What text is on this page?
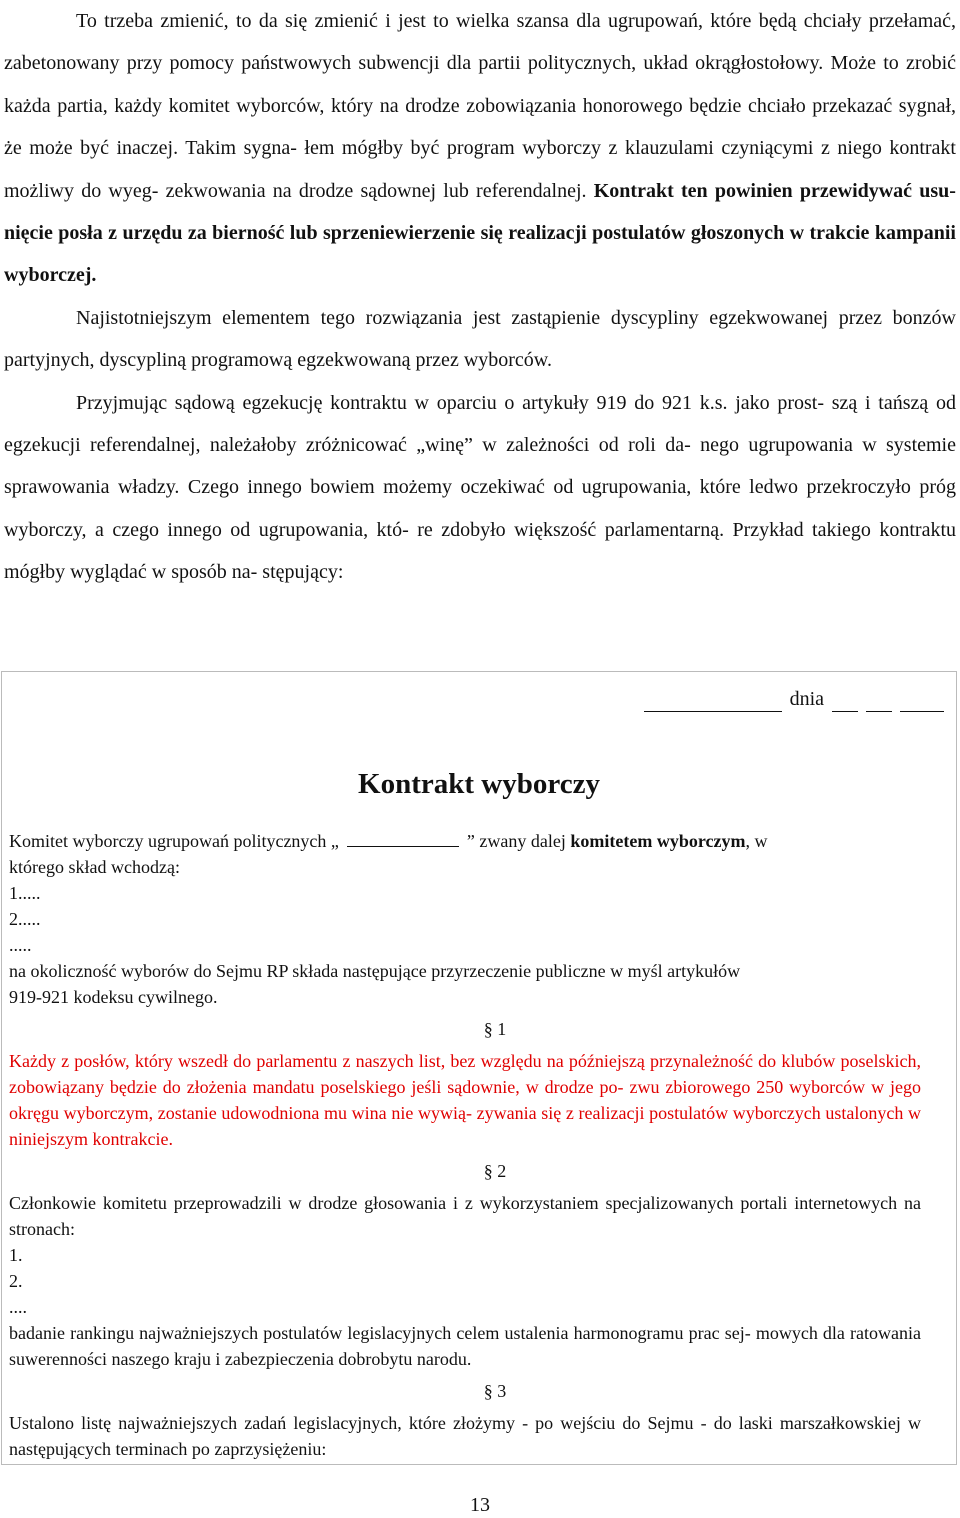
To trzeba zmienić, to da się zmienić i jest to wielka szansa dla ugrupowań, które będą chciały przełamać, zabetonowany przy pomocy państwowych subwencji dla partii politycznych, układ okrągłostołowy. Może to zrobić każda partia, każdy komitet wyborców, który na drodze zobowiązania honorowego będzie chciało przekazać sygnał, że może być inaczej. Takim sygna- łem mógłby być program wyborczy z klauzulami czyniącymi z niego kontrakt możliwy do wyeg- zekwowania na drodze sądownej lub referendalnej. Kontrakt ten powinien przewidywać usu- nięcie posła z urzędu za bierność lub sprzeniewierzenie się realizacji postulatów głoszonych w trakcie kampanii wyborczej.

Najistotniejszym elementem tego rozwiązania jest zastąpienie dyscypliny egzekwowanej przez bonzów partyjnych, dyscypliną programową egzekwowaną przez wyborców.

Przyjmując sądową egzekucję kontraktu w oparciu o artykuły 919 do 921 k.s. jako prost- szą i tańszą od egzekucji referendalnej, należałoby zróżnicować „winę” w zależności od roli da- nego ugrupowania w systemie sprawowania władzy. Czego innego bowiem możemy oczekiwać od ugrupowania, które ledwo przekroczyło próg wyborczy, a czego innego od ugrupowania, któ- re zdobyło większość parlamentarną. Przykład takiego kontraktu mógłby wyglądać w sposób na- stępujący:

dnia
Kontrakt wyborczy

Komitet wyborczy ugrupowań politycznych „	” zwany dalej komitetem wyborczym, w

którego skład wchodzą:

1.....

2.....

.....

na okoliczność wyborów do Sejmu RP składa następujące przyrzeczenie publiczne w myśl artykułów

919-921 kodeksu cywilnego.

§ 1

Każdy z posłów, który wszedł do parlamentu z naszych list, bez względu na późniejszą przynależność do klubów poselskich, zobowiązany będzie do złożenia mandatu poselskiego jeśli sądownie, w drodze po- zwu zbiorowego 250 wyborców w jego okręgu wyborczym, zostanie udowodniona mu wina nie wywią- zywania się z realizacji postulatów wyborczych ustalonych w niniejszym kontrakcie.

§ 2

Członkowie komitetu przeprowadzili w drodze głosowania i z wykorzystaniem specjalizowanych portali internetowych na stronach:

1.

2.

....

badanie rankingu najważniejszych postulatów legislacyjnych celem ustalenia harmonogramu prac sej- mowych dla ratowania suwerenności naszego kraju i zabezpieczenia dobrobytu narodu.

§ 3

Ustalono listę najważniejszych zadań legislacyjnych, które złożymy - po wejściu do Sejmu - do laski marszałkowskiej w następujących terminach po zaprzysiężeniu:

13
